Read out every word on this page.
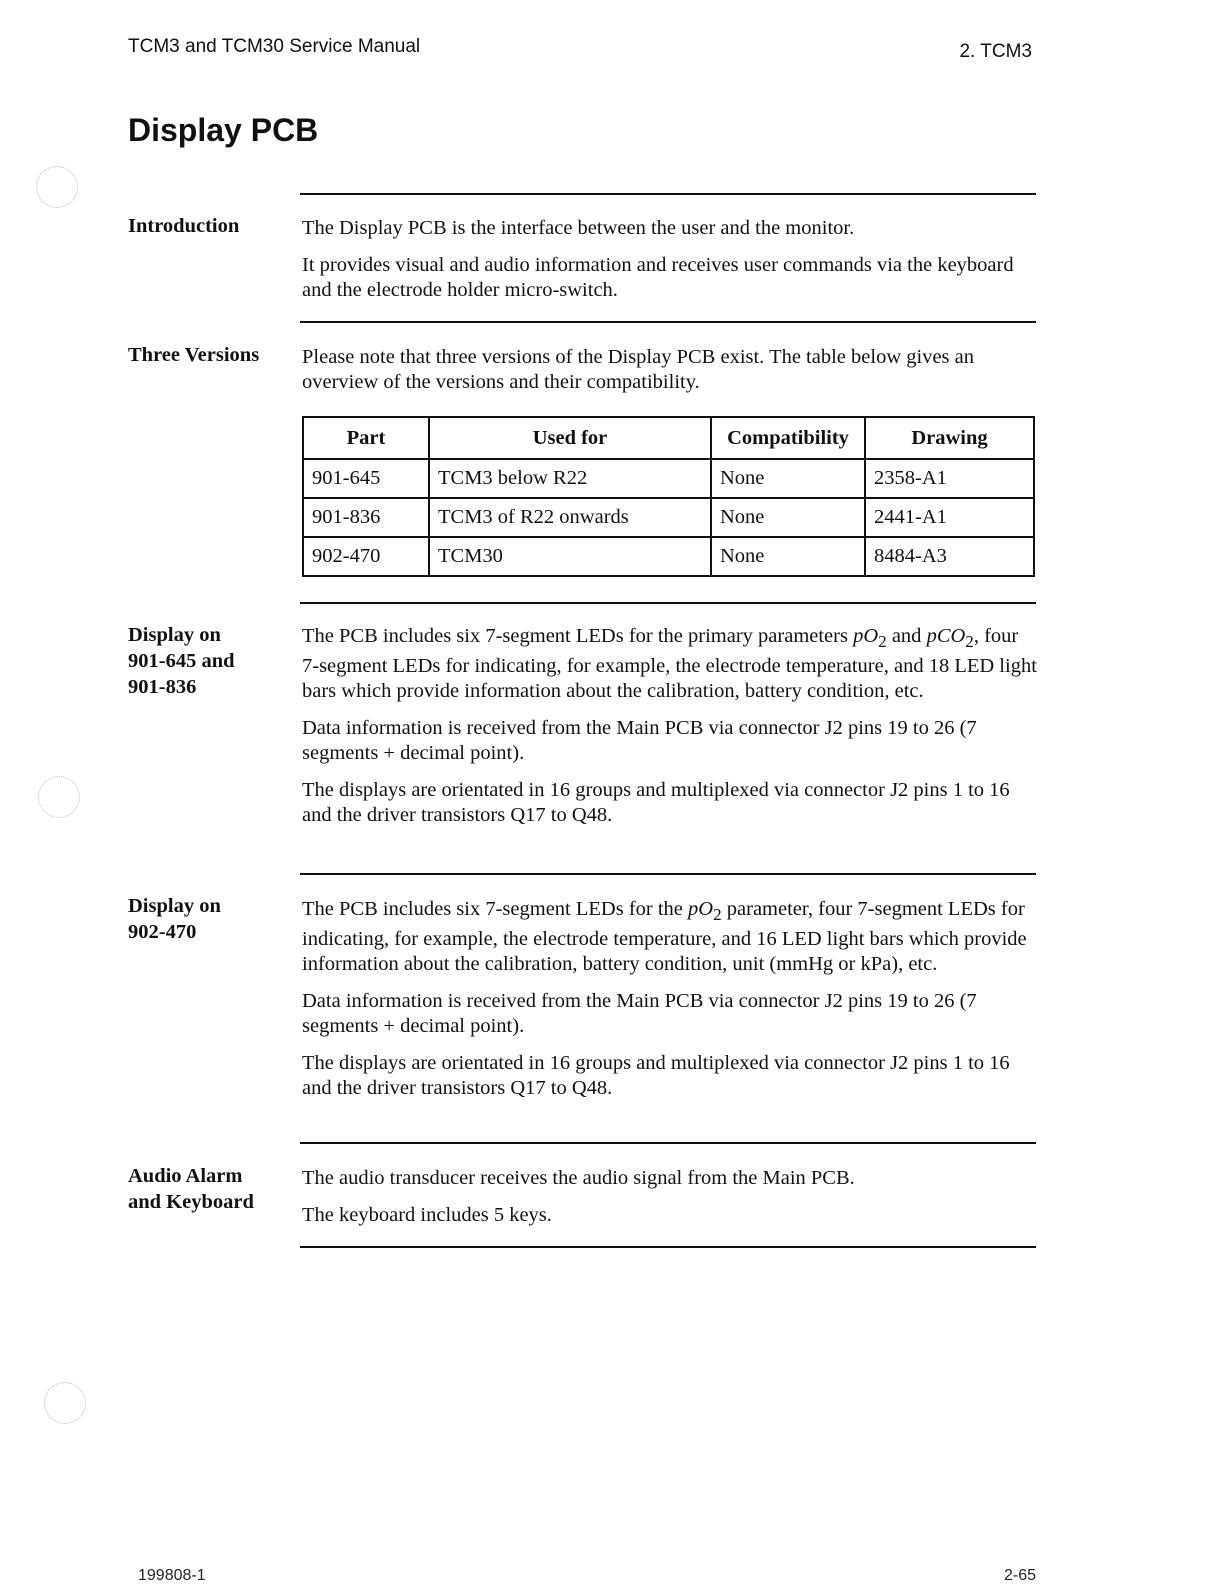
TCM3 and TCM30 Service Manual	2. TCM3
Display PCB
Introduction	The Display PCB is the interface between the user and the monitor.

It provides visual and audio information and receives user commands via the keyboard and the electrode holder micro-switch.

Three Versions	Please note that three versions of the Display PCB exist. The table below gives an overview of the versions and their compatibility.

Part	Used for	Compatibility	Drawing
901-645	TCM3 below R22	None	2358-A1
901-836	TCM3 of R22 onwards	None	2441-A1
902-470	TCM30	None	8484-A3
Display on
901-645 and
901-836

The PCB includes six 7-segment LEDs for the primary parameters $pO_2$ and pCO$_2$, four 7-segment LEDs for indicating, for example, the electrode temperature, and 18 LED light bars which provide information about the calibration, battery condition, etc.

Data information is received from the Main PCB via connector J2 pins 19 to 26 (7 segments + decimal point).

The displays are orientated in 16 groups and multiplexed via connector J2 pins 1 to 16 and the driver transistors Q17 to Q48.

Display on
902-470

The PCB includes six 7-segment LEDs for the $pO_2$ parameter, four 7-segment LEDs for indicating, for example, the electrode temperature, and 16 LED light bars which provide information about the calibration, battery condition, unit (mmHg or kPa), etc.

Data information is received from the Main PCB via connector J2 pins 19 to 26 (7 segments + decimal point).

The displays are orientated in 16 groups and multiplexed via connector J2 pins 1 to 16 and the driver transistors Q17 to Q48.

Audio Alarm
and Keyboard

The audio transducer receives the audio signal from the Main PCB.

The keyboard includes 5 keys.

199808-1	2-65
